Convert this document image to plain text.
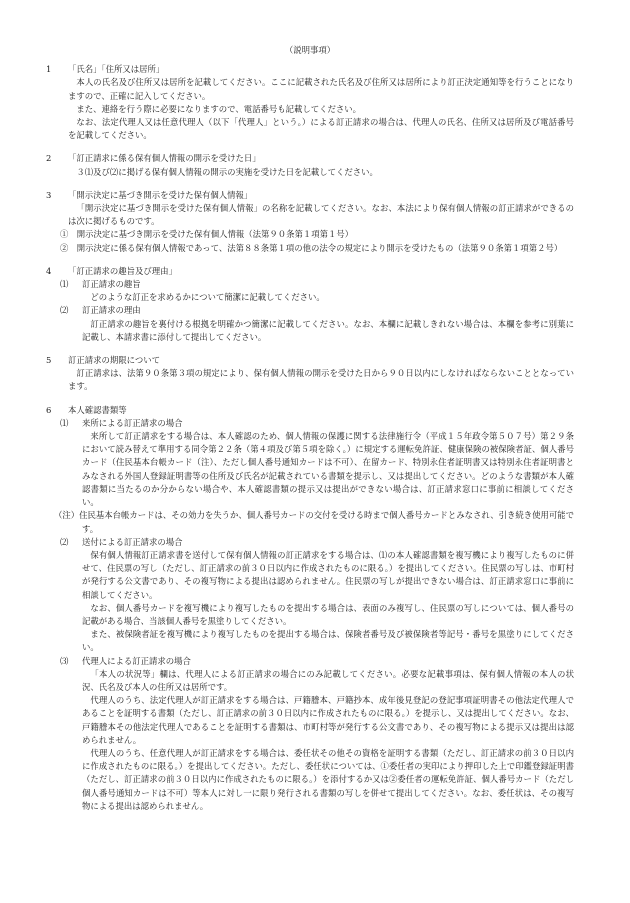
（説明事項）
1 「氏名」「住所又は居所」
本人の氏名及び住所又は居所を記載してください。ここに記載された氏名及び住所又は居所により訂正決定通知等を行うことになりますので、正確に記入してください。
また、連絡を行う際に必要になりますので、電話番号も記載してください。
なお、法定代理人又は任意代理人（以下「代理人」という。）による訂正請求の場合は、代理人の氏名、住所又は居所及び電話番号を記載してください。
2 「訂正請求に係る保有個人情報の開示を受けた日」
３⑴及び⑵に掲げる保有個人情報の開示の実施を受けた日を記載してください。
3 「開示決定に基づき開示を受けた保有個人情報」
「開示決定に基づき開示を受けた保有個人情報」の名称を記載してください。なお、本法により保有個人情報の訂正請求ができるのは次に掲げるものです。
①　開示決定に基づき開示を受けた保有個人情報（法第９０条第１項第１号）
②　開示決定に係る保有個人情報であって、法第８８条第１項の他の法令の規定により開示を受けたもの（法第９０条第１項第２号）
4 「訂正請求の趣旨及び理由」
⑴ 訂正請求の趣旨
どのような訂正を求めるかについて簡潔に記載してください。
⑵ 訂正請求の理由
訂正請求の趣旨を裏付ける根拠を明確かつ簡潔に記載してください。なお、本欄に記載しきれない場合は、本欄を参考に別葉に記載し、本請求書に添付して提出してください。
5 訂正請求の期限について
訂正請求は、法第９０条第３項の規定により、保有個人情報の開示を受けた日から９０日以内にしなければならないこととなっています。
6 本人確認書類等
⑴ 来所による訂正請求の場合
来所して訂正請求をする場合は、本人確認のため、個人情報の保護に関する法律施行令（平成１５年政令第５０７号）第２９条において読み替えて準用する同令第２２条（第４項及び第５項を除く。）に規定する運転免許証、健康保険の被保険者証、個人番号カード（住民基本台帳カード（注）、ただし個人番号通知カードは不可）、在留カード、特別永住者証明書又は特別永住者証明書とみなされる外国人登録証明書等の住所及び氏名が記載されている書類を提示し、又は提出してください。どのような書類が本人確認書類に当たるのか分からない場合や、本人確認書類の提示又は提出ができない場合は、訂正請求窓口に事前に相談してください。
（注）住民基本台帳カードは、その効力を失うか、個人番号カードの交付を受ける時まで個人番号カードとみなされ、引き続き使用可能です。
⑵ 送付による訂正請求の場合
保有個人情報訂正請求書を送付して保有個人情報の訂正請求をする場合は、⑴の本人確認書類を複写機により複写したものに併せて、住民票の写し（ただし、訂正請求の前３０日以内に作成されたものに限る。）を提出してください。住民票の写しは、市町村が発行する公文書であり、その複写物による提出は認められません。住民票の写しが提出できない場合は、訂正請求窓口に事前に相談してください。
なお、個人番号カードを複写機により複写したものを提出する場合は、表面のみ複写し、住民票の写しについては、個人番号の記載がある場合、当該個人番号を黒塗りしてください。
また、被保険者証を複写機により複写したものを提出する場合は、保険者番号及び被保険者等記号・番号を黒塗りにしてください。
⑶ 代理人による訂正請求の場合
「本人の状況等」欄は、代理人による訂正請求の場合にのみ記載してください。必要な記載事項は、保有個人情報の本人の状況、氏名及び本人の住所又は居所です。
代理人のうち、法定代理人が訂正請求をする場合は、戸籍謄本、戸籍抄本、成年後見登記の登記事項証明書その他法定代理人であることを証明する書類（ただし、訂正請求の前３０日以内に作成されたものに限る。）を提示し、又は提出してください。なお、戸籍謄本その他法定代理人であることを証明する書類は、市町村等が発行する公文書であり、その複写物による提示又は提出は認められません。
代理人のうち、任意代理人が訂正請求をする場合は、委任状その他その資格を証明する書類（ただし、訂正請求の前３０日以内に作成されたものに限る。）を提出してください。ただし、委任状については、①委任者の実印により押印した上で印鑑登録証明書（ただし、訂正請求の前３０日以内に作成されたものに限る。）を添付するか又は②委任者の運転免許証、個人番号カード（ただし個人番号通知カードは不可）等本人に対し一に限り発行される書類の写しを併せて提出してください。なお、委任状は、その複写物による提出は認められません。
